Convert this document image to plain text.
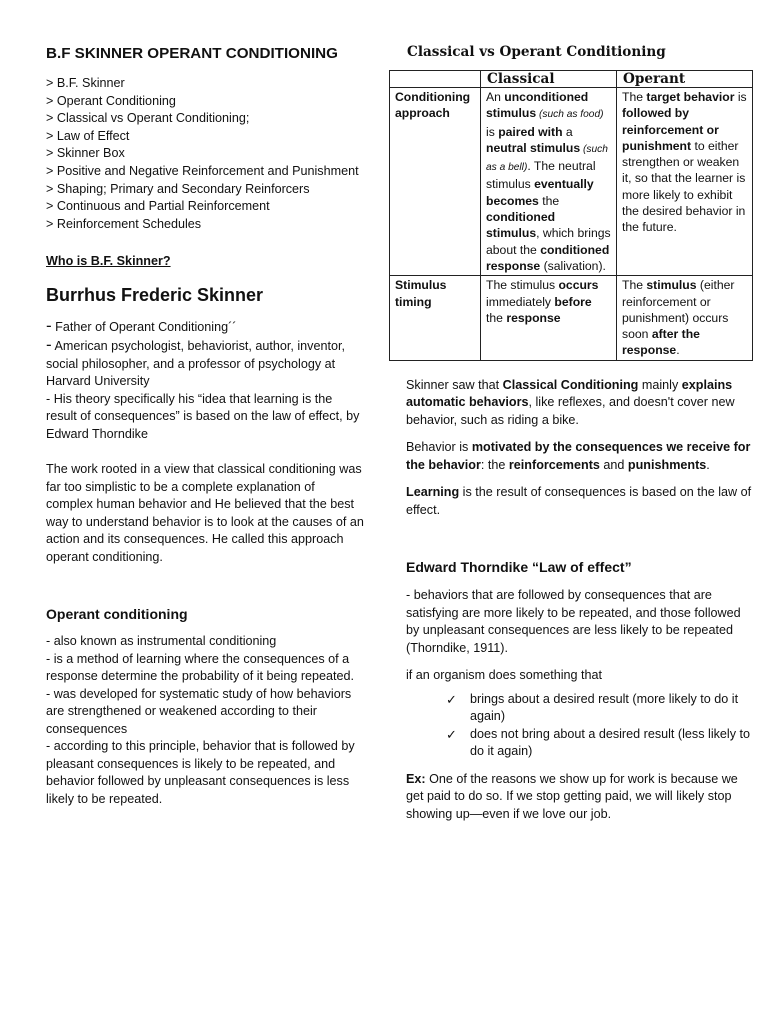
B.F SKINNER OPERANT CONDITIONING
> B.F. Skinner
> Operant Conditioning
> Classical vs Operant Conditioning;
> Law of Effect
> Skinner Box
> Positive and Negative Reinforcement and Punishment
> Shaping; Primary and Secondary Reinforcers
> Continuous and Partial Reinforcement
> Reinforcement Schedules
Who is B.F. Skinner?
Burrhus Frederic Skinner

- Father of Operant Conditioning´´

- American psychologist, behaviorist, author, inventor, social philosopher, and a professor of psychology at Harvard University

- His theory specifically his “idea that learning is the result of consequences” is based on the law of effect, by Edward Thorndike

The work rooted in a view that classical conditioning was far too simplistic to be a complete explanation of complex human behavior and He believed that the best way to understand behavior is to look at the causes of an action and its consequences. He called this approach operant conditioning.

Operant conditioning

- also known as instrumental conditioning

- is a method of learning where the consequences of a response determine the probability of it being repeated.

- was developed for systematic study of how behaviors are strengthened or weakened according to their consequences

- according to this principle, behavior that is followed by pleasant consequences is likely to be repeated, and behavior followed by unpleasant consequences is less likely to be repeated.

Classical vs Operant Conditioning
	Classical	Operant
Conditioning approach	An unconditioned stimulus (such as food) is paired with a neutral stimulus (such as a bell). The neutral stimulus eventually becomes the conditioned stimulus, which brings about the conditioned response (salivation).	The target behavior is followed by reinforcement or punishment to either strengthen or weaken it, so that the learner is more likely to exhibit the desired behavior in the future.
Stimulus timing	The stimulus occurs immediately before the response	The stimulus (either reinforcement or punishment) occurs soon after the response.

Skinner saw that Classical Conditioning mainly explains automatic behaviors, like reflexes, and doesn't cover new behavior, such as riding a bike.

Behavior is motivated by the consequences we receive for the behavior: the reinforcements and punishments.

Learning is the result of consequences is based on the law of effect.

Edward Thorndike “Law of effect”

- behaviors that are followed by consequences that are satisfying are more likely to be repeated, and those followed by unpleasant consequences are less likely to be repeated (Thorndike, 1911).

if an organism does something that

✓ brings about a desired result (more likely to do it again)
✓ does not bring about a desired result (less likely to do it again)

Ex: One of the reasons we show up for work is because we get paid to do so. If we stop getting paid, we will likely stop showing up—even if we love our job.
